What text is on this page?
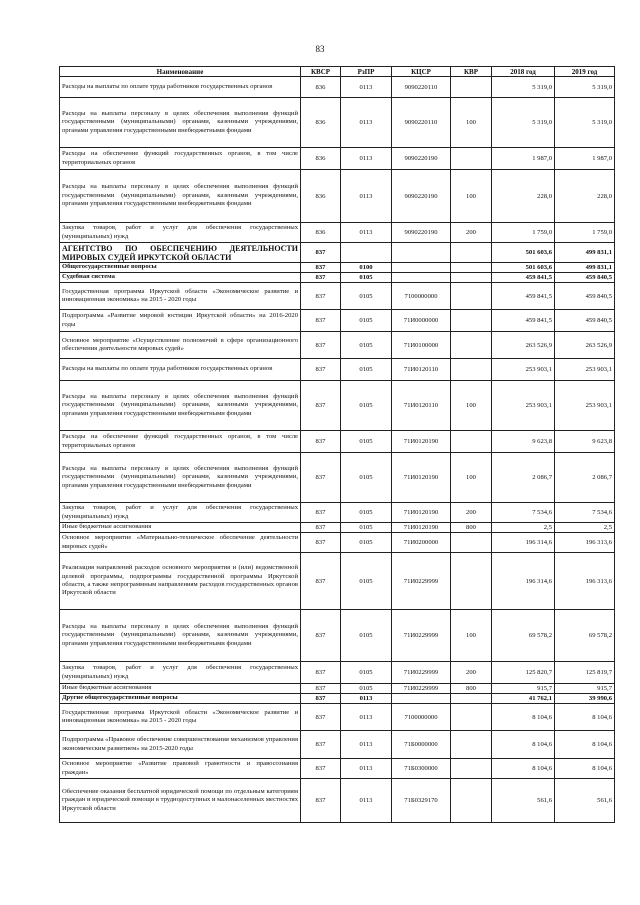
83
Наименование	КВСР	РзПР	КЦСР	КВР	2018 год	2019 год
Расходы на выплаты по оплате труда работников государственных органов	836	0113	9090220110		5 319,0	5 319,0
Расходы на выплаты персоналу в целях обеспечения выполнения функций государственными (муниципальными) органами, казенными учреждениями, органами управления государственными внебюджетными фондами	836	0113	9090220110	100	5 319,0	5 319,0
Расходы на обеспечение функций государственных органов, в том числе территориальных органов	836	0113	9090220190		1 987,0	1 987,0
Расходы на выплаты персоналу в целях обеспечения выполнения функций государственными (муниципальными) органами, казенными учреждениями, органами управления государственными внебюджетными фондами	836	0113	9090220190	100	228,0	228,0
Закупка товаров, работ и услуг для обеспечения государственных (муниципальных) нужд	836	0113	9090220190	200	1 759,0	1 759,0
АГЕНТСТВО ПО ОБЕСПЕЧЕНИЮ ДЕЯТЕЛЬНОСТИ МИРОВЫХ СУДЕЙ ИРКУТСКОЙ ОБЛАСТИ	837				501 603,6	499 831,1
Общегосударственные вопросы	837	0100			501 603,6	499 831,1
Судебная система	837	0105			459 841,5	459 840,5
Государственная программа Иркутской области «Экономическое развитие и инновационная экономика» на 2015 - 2020 годы	837	0105	7100000000		459 841,5	459 840,5
Подпрограмма «Развитие мировой юстиции Иркутской области» на 2016-2020 годы	837	0105	71И0000000		459 841,5	459 840,5
Основное мероприятие «Осуществление полномочий в сфере организационного обеспечения деятельности мировых судей»	837	0105	71И0100000		263 526,9	263 526,9
Расходы на выплаты по оплате труда работников государственных органов	837	0105	71И0120110		253 903,1	253 903,1
Расходы на выплаты персоналу в целях обеспечения выполнения функций государственными (муниципальными) органами, казенными учреждениями, органами управления государственными внебюджетными фондами	837	0105	71И0120110	100	253 903,1	253 903,1
Расходы на обеспечение функций государственных органов, в том числе территориальных органов	837	0105	71И0120190		9 623,8	9 623,8
Расходы на выплаты персоналу в целях обеспечения выполнения функций государственными (муниципальными) органами, казенными учреждениями, органами управления государственными внебюджетными фондами	837	0105	71И0120190	100	2 086,7	2 086,7
Закупка товаров, работ и услуг для обеспечения государственных (муниципальных) нужд	837	0105	71И0120190	200	7 534,6	7 534,6
Иные бюджетные ассигнования	837	0105	71И0120190	800	2,5	2,5
Основное мероприятие «Материально-техническое обеспечение деятельности мировых судей»	837	0105	71И0200000		196 314,6	196 313,6
Реализация направлений расходов основного мероприятия и (или) ведомственной целевой программы, подпрограммы государственной программы Иркутской области, а также непрограммным направлениям расходов государственных органов Иркутской области	837	0105	71И0229999		196 314,6	196 313,6
Расходы на выплаты персоналу в целях обеспечения выполнения функций государственными (муниципальными) органами, казенными учреждениями, органами управления государственными внебюджетными фондами	837	0105	71И0229999	100	69 578,2	69 578,2
Закупка товаров, работ и услуг для обеспечения государственных (муниципальных) нужд	837	0105	71И0229999	200	125 820,7	125 819,7
Иные бюджетные ассигнования	837	0105	71И0229999	800	915,7	915,7
Другие общегосударственные вопросы	837	0113			41 762,1	39 990,6
Государственная программа Иркутской области «Экономическое развитие и инновационная экономика» на 2015 - 2020 годы	837	0113	7100000000		8 104,6	8 104,6
Подпрограмма «Правовое обеспечение совершенствования механизмов управления экономическим развитием» на 2015-2020 годы	837	0113	71Б0000000		8 104,6	8 104,6
Основное мероприятие «Развитие правовой грамотности и правосознания граждан»	837	0113	71Б0300000		8 104,6	8 104,6
Обеспечение оказания бесплатной юридической помощи по отдельным категориям граждан и юридической помощи в труднодоступных и малонаселенных местностях Иркутской области	837	0113	71Б0329170		561,6	561,6
